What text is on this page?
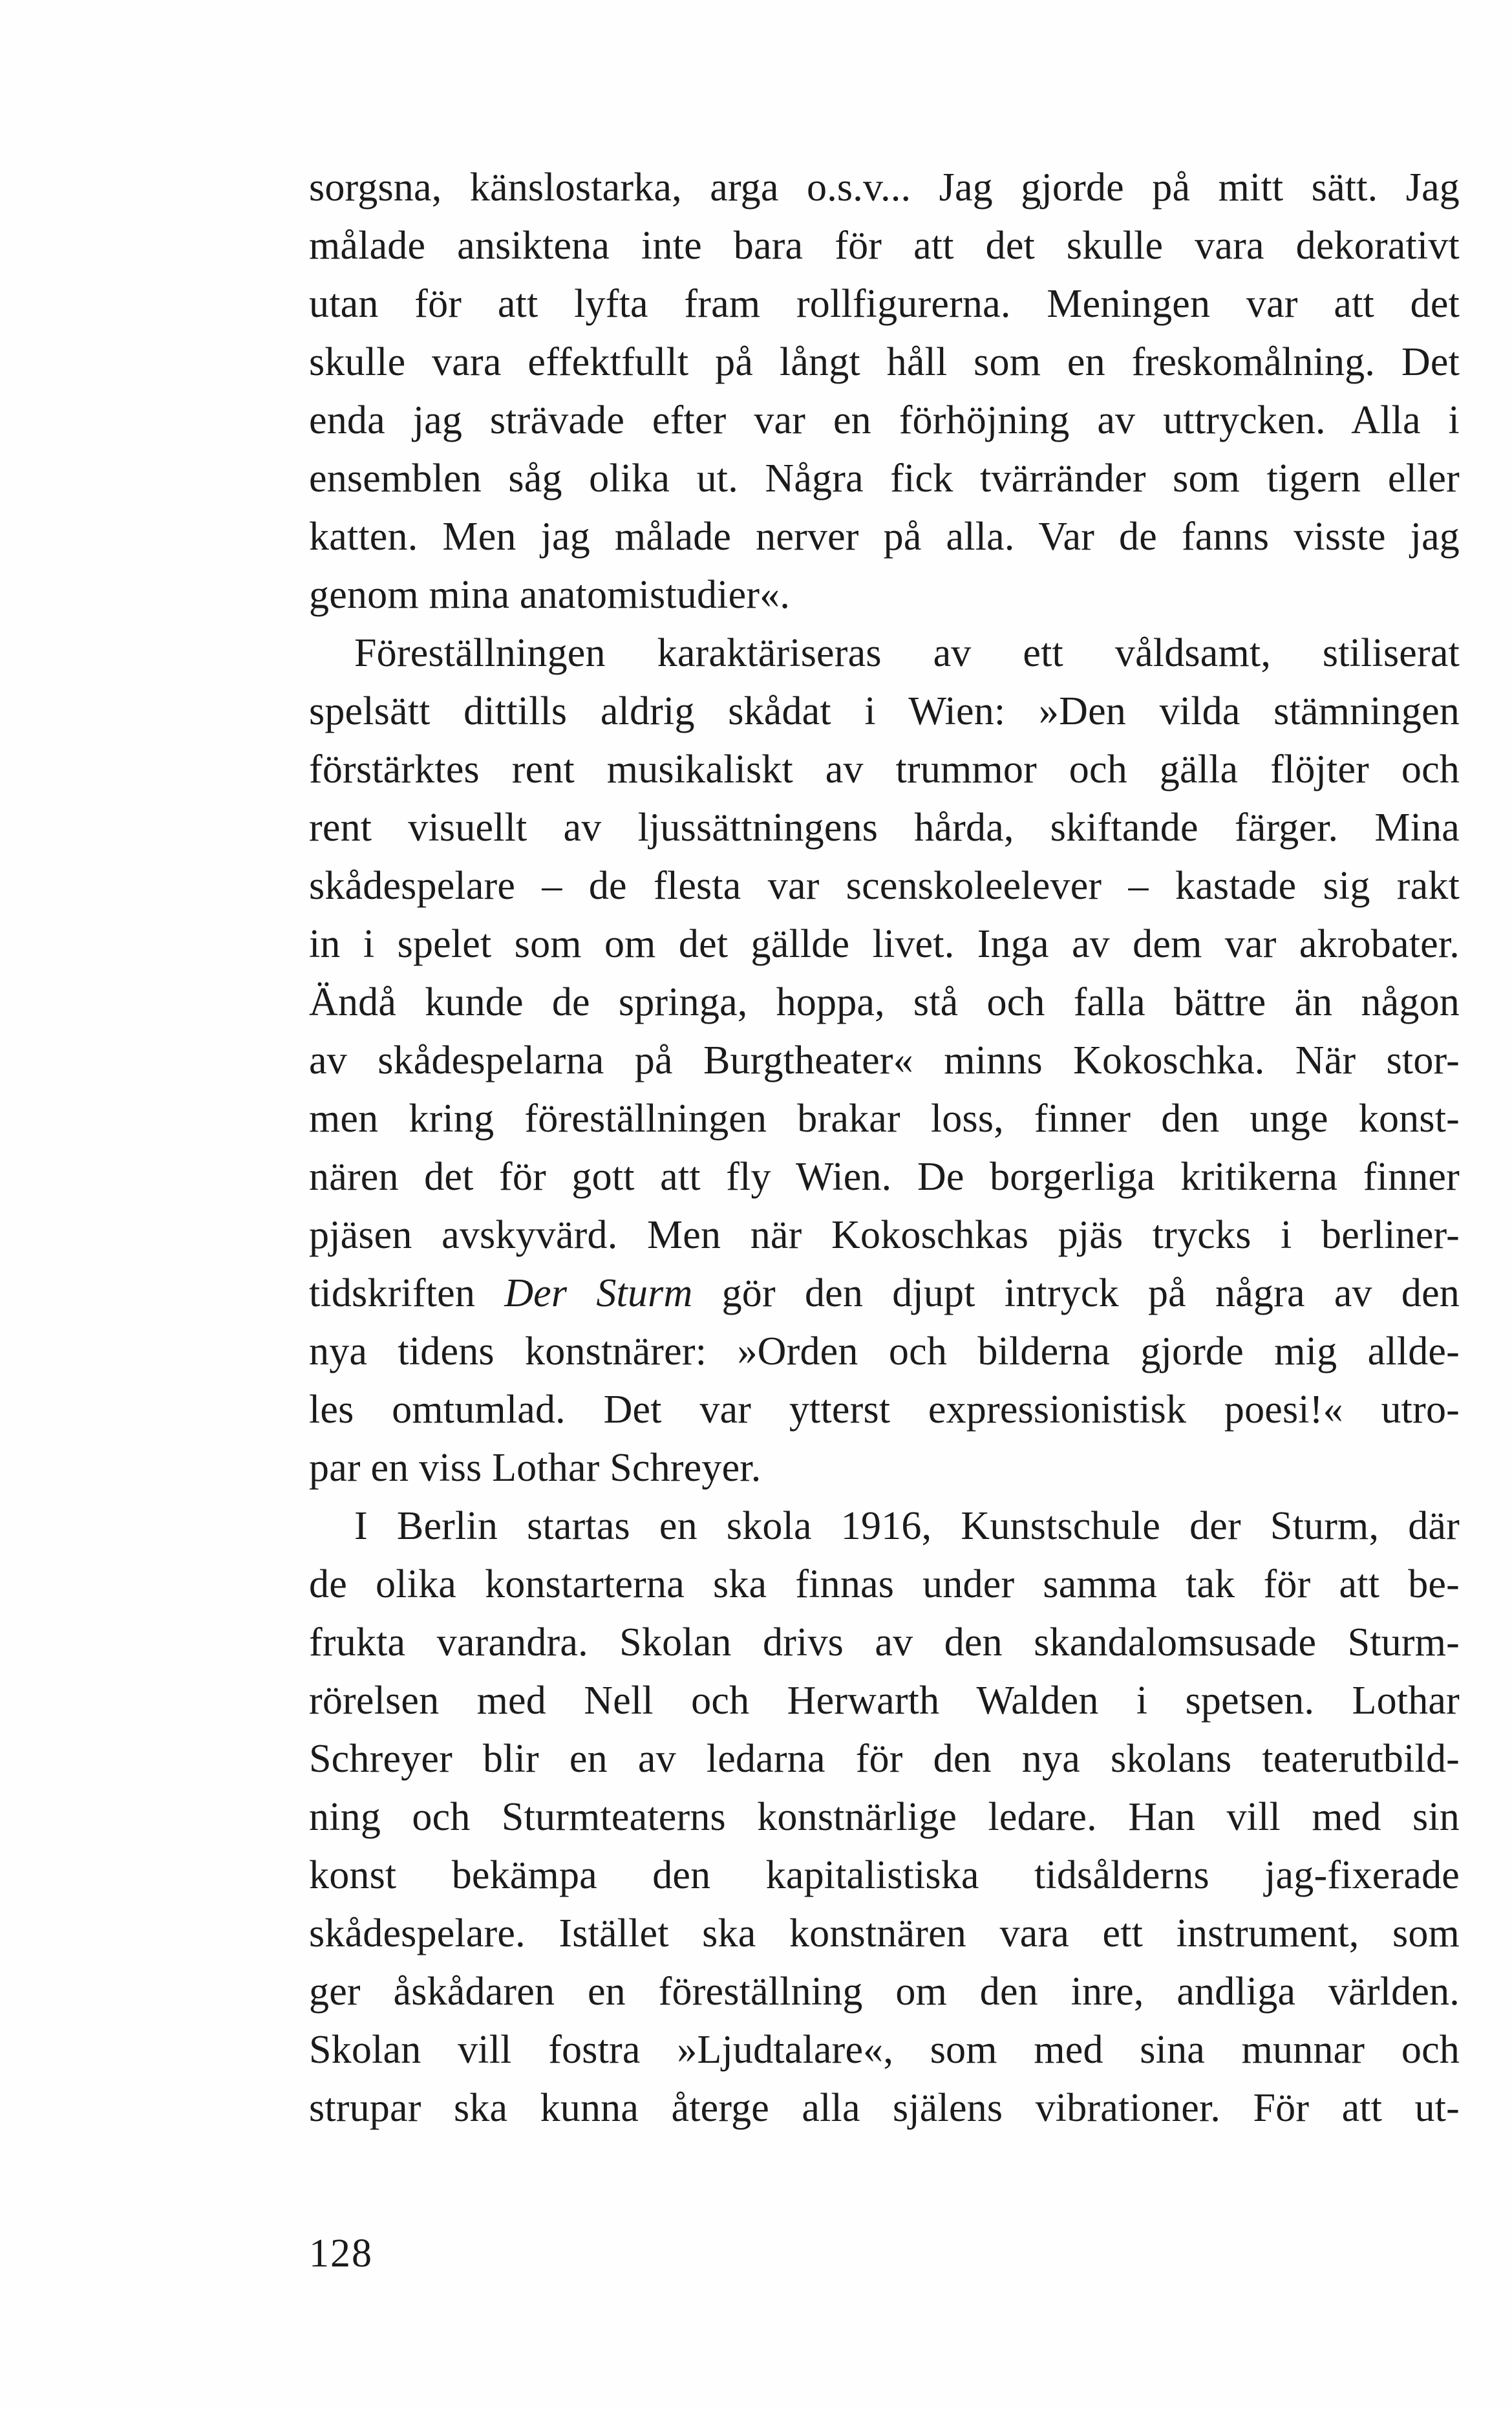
sorgsna, känslostarka, arga o.s.v... Jag gjorde på mitt sätt. Jag
målade ansiktena inte bara för att det skulle vara dekorativt
utan för att lyfta fram rollfigurerna. Meningen var att det
skulle vara effektfullt på långt håll som en freskomålning. Det
enda jag strävade efter var en förhöjning av uttrycken. Alla i
ensemblen såg olika ut. Några fick tvärränder som tigern eller
katten. Men jag målade nerver på alla. Var de fanns visste jag
genom mina anatomistudier«.
Föreställningen karaktäriseras av ett våldsamt, stiliserat
spelsätt dittills aldrig skådat i Wien: »Den vilda stämningen
förstärktes rent musikaliskt av trummor och gälla flöjter och
rent visuellt av ljussättningens hårda, skiftande färger. Mina
skådespelare – de flesta var scenskoleelever – kastade sig rakt
in i spelet som om det gällde livet. Inga av dem var akrobater.
Ändå kunde de springa, hoppa, stå och falla bättre än någon
av skådespelarna på Burgtheater« minns Kokoschka. När stor-
men kring föreställningen brakar loss, finner den unge konst-
nären det för gott att fly Wien. De borgerliga kritikerna finner
pjäsen avskyvärd. Men när Kokoschkas pjäs trycks i berliner-
tidskriften Der Sturm gör den djupt intryck på några av den
nya tidens konstnärer: »Orden och bilderna gjorde mig allde-
les omtumlad. Det var ytterst expressionistisk poesi!« utro-
par en viss Lothar Schreyer.
I Berlin startas en skola 1916, Kunstschule der Sturm, där
de olika konstarterna ska finnas under samma tak för att be-
frukta varandra. Skolan drivs av den skandalomsusade Sturm-
rörelsen med Nell och Herwarth Walden i spetsen. Lothar
Schreyer blir en av ledarna för den nya skolans teaterutbild-
ning och Sturmteaterns konstnärlige ledare. Han vill med sin
konst bekämpa den kapitalistiska tidsålderns jag-fixerade
skådespelare. Istället ska konstnären vara ett instrument, som
ger åskådaren en föreställning om den inre, andliga världen.
Skolan vill fostra »Ljudtalare«, som med sina munnar och
strupar ska kunna återge alla själens vibrationer. För att ut-
128
